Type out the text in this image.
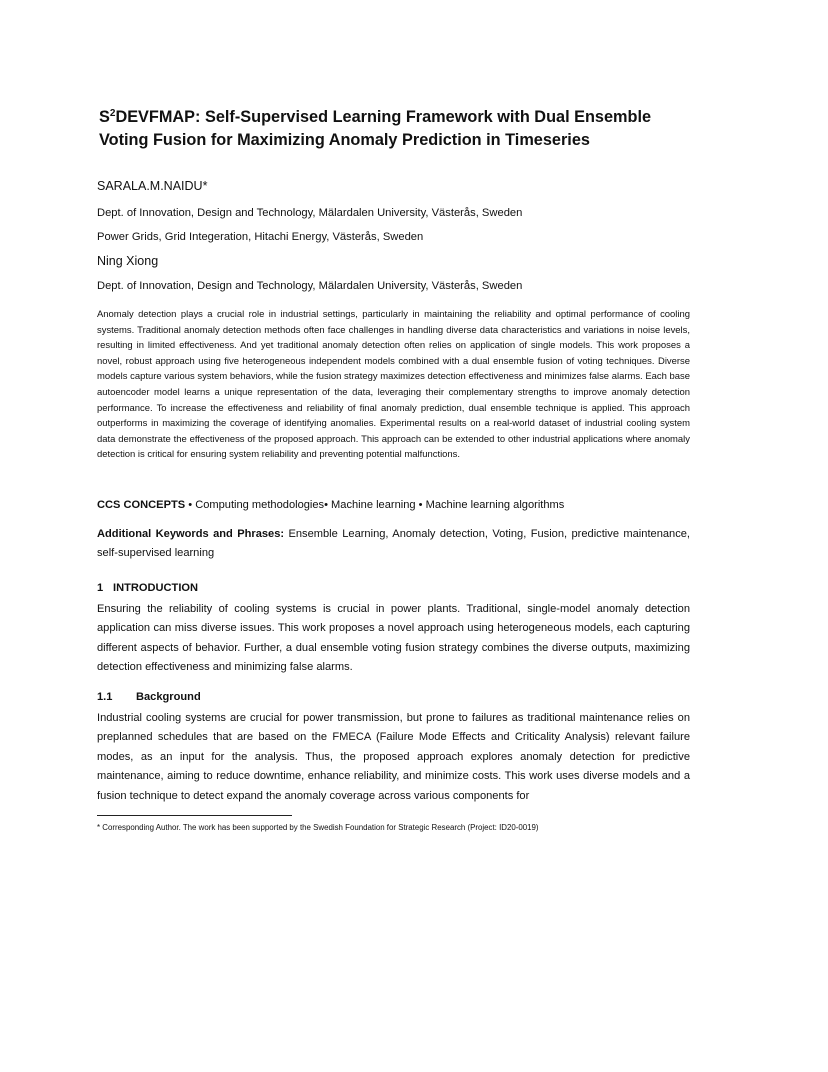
$S^2DEVFMAP$: Self-Supervised Learning Framework with Dual Ensemble
Voting Fusion for Maximizing Anomaly Prediction in Timeseries
SARALA.M.NAIDU*
Dept. of Innovation, Design and Technology, Mälardalen University, Västerås, Sweden
Power Grids, Grid Integeration, Hitachi Energy, Västerås, Sweden
Ning Xiong
Dept. of Innovation, Design and Technology, Mälardalen University, Västerås, Sweden

Anomaly detection plays a crucial role in industrial settings, particularly in maintaining the reliability and optimal performance of cooling systems. Traditional anomaly detection methods often face challenges in handling diverse data characteristics and variations in noise levels, resulting in limited effectiveness. And yet traditional anomaly detection often relies on application of single models. This work proposes a novel, robust approach using five heterogeneous independent models combined with a dual ensemble fusion of voting techniques. Diverse models capture various system behaviors, while the fusion strategy maximizes detection effectiveness and minimizes false alarms. Each base autoencoder model learns a unique representation of the data, leveraging their complementary strengths to improve anomaly detection performance. To increase the effectiveness and reliability of final anomaly prediction, dual ensemble technique is applied. This approach outperforms in maximizing the coverage of identifying anomalies. Experimental results on a real-world dataset of industrial cooling system data demonstrate the effectiveness of the proposed approach. This approach can be extended to other industrial applications where anomaly detection is critical for ensuring system reliability and preventing potential malfunctions.

CCS CONCEPTS • Computing methodologies• Machine learning • Machine learning algorithms

Additional Keywords and Phrases: Ensemble Learning, Anomaly detection, Voting, Fusion, predictive maintenance, self-supervised learning

1 INTRODUCTION

Ensuring the reliability of cooling systems is crucial in power plants. Traditional, single-model anomaly detection application can miss diverse issues. This work proposes a novel approach using heterogeneous models, each capturing different aspects of behavior. Further, a dual ensemble voting fusion strategy combines the diverse outputs, maximizing detection effectiveness and minimizing false alarms.

1.1 Background

Industrial cooling systems are crucial for power transmission, but prone to failures as traditional maintenance relies on preplanned schedules that are based on the FMECA (Failure Mode Effects and Criticality Analysis) relevant failure modes, as an input for the analysis. Thus, the proposed approach explores anomaly detection for predictive maintenance, aiming to reduce downtime, enhance reliability, and minimize costs. This work uses diverse models and a fusion technique to detect expand the anomaly coverage across various components for

* Corresponding Author. The work has been supported by the Swedish Foundation for Strategic Research (Project: ID20-0019)
